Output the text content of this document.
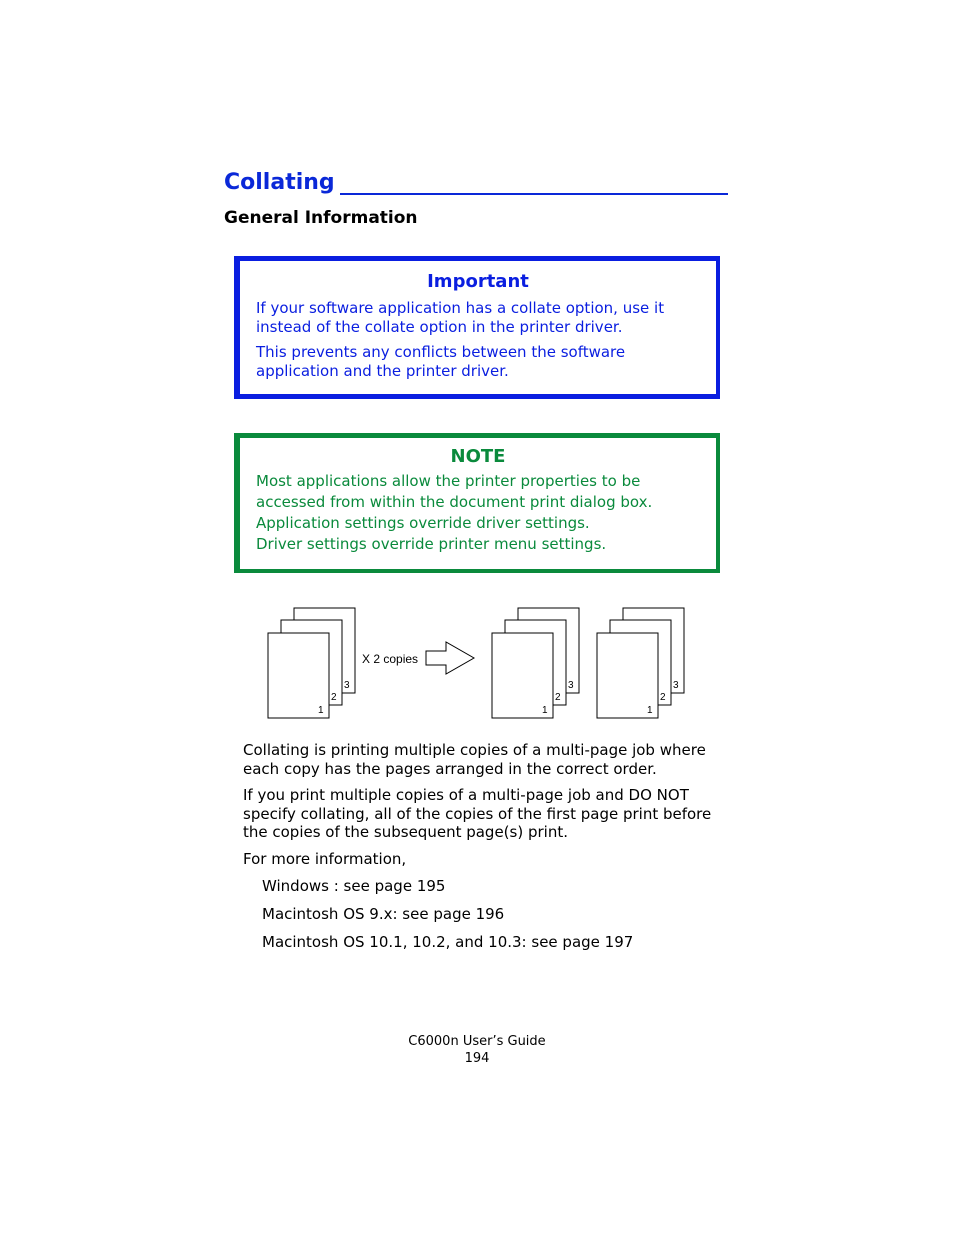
Collating
General Information
Important

If your software application has a collate option, use it instead of the collate option in the printer driver.

This prevents any conflicts between the software application and the printer driver.

NOTE
Most applications allow the printer properties to be
accessed from within the document print dialog box.
Application settings override driver settings.
Driver settings override printer menu settings.
3
2
1
X 2 copies
3
2
1
3
2
1
Collating is printing multiple copies of a multi-page job where each copy has the pages arranged in the correct order.
If you print multiple copies of a multi-page job and DO NOT specify collating, all of the copies of the first page print before the copies of the subsequent page(s) print.
For more information,
Windows : see page 195
Macintosh OS 9.x: see page 196
Macintosh OS 10.1, 10.2, and 10.3: see page 197
C6000n User’s Guide
194
